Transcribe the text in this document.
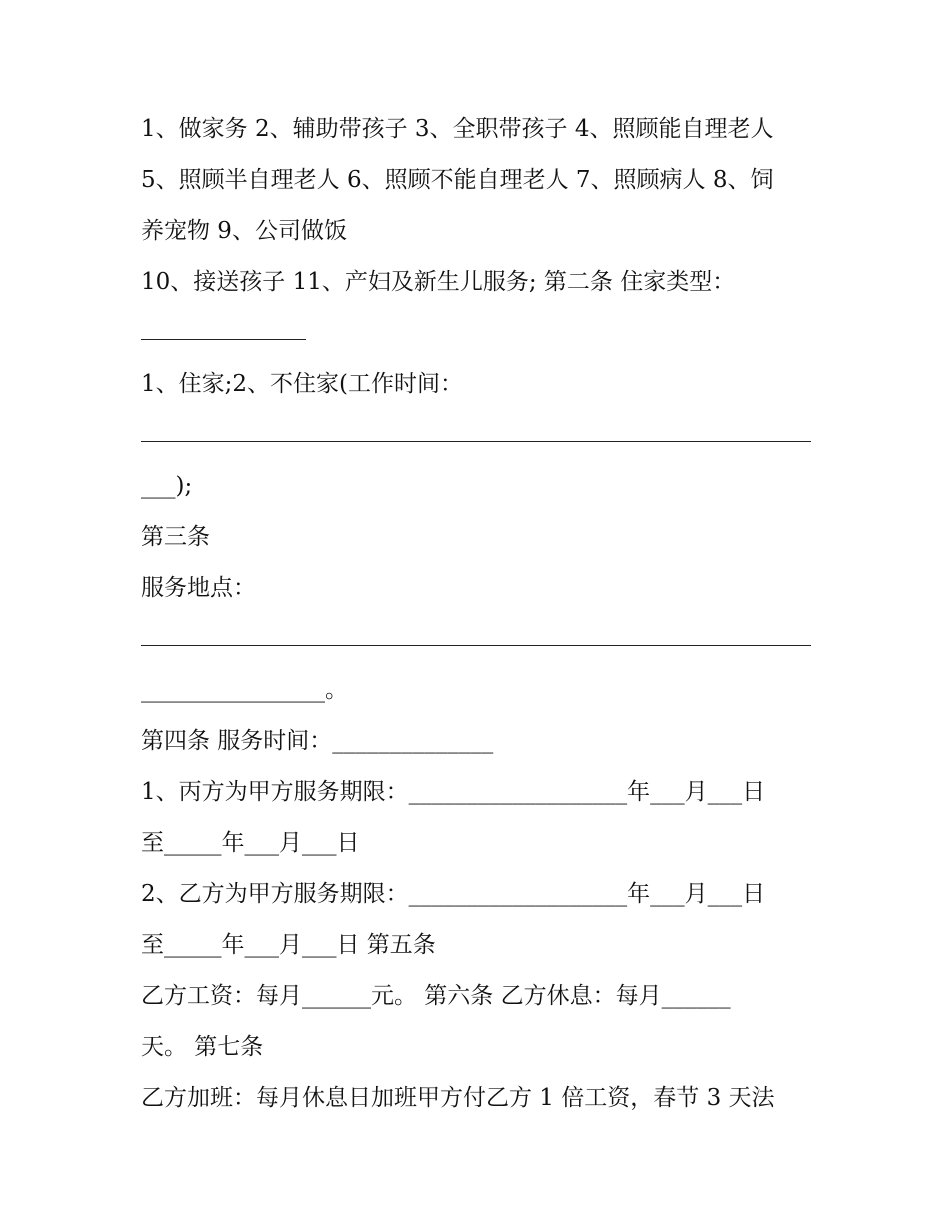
1、做家务 2、辅助带孩子 3、全职带孩子 4、照顾能自理老人
5、照顾半自理老人 6、照顾不能自理老人 7、照顾病人 8、饲
养宠物 9、公司做饭
10、接送孩子 11、产妇及新生儿服务; 第二条 住家类型：
1、住家;2、不住家(工作时间：
___);
第三条
服务地点：
________________。
第四条 服务时间：______________
1、丙方为甲方服务期限：___________________年___月___日
至_____年___月___日
2、乙方为甲方服务期限：___________________年___月___日
至_____年___月___日 第五条
乙方工资：每月______元。 第六条 乙方休息：每月______
天。 第七条
乙方加班：每月休息日加班甲方付乙方 1 倍工资，春节 3 天法
